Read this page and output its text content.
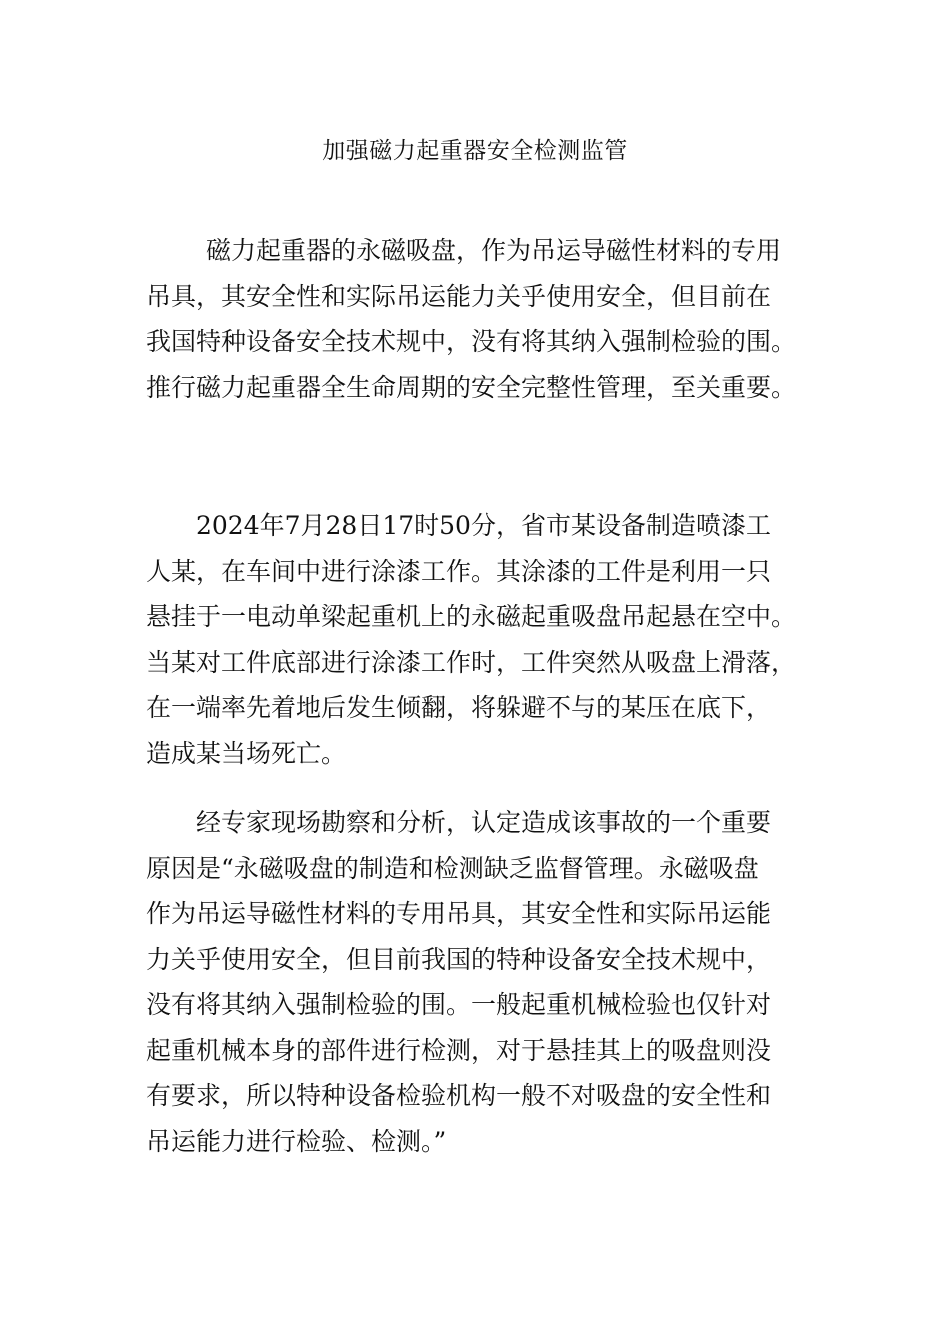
加强磁力起重器安全检测监管
磁力起重器的永磁吸盘，作为吊运导磁性材料的专用
吊具，其安全性和实际吊运能力关乎使用安全，但目前在
我国特种设备安全技术规中，没有将其纳入强制检验的围。
推行磁力起重器全生命周期的安全完整性管理，至关重要。
2024年7月28日17时50分，省市某设备制造喷漆工
人某，在车间中进行涂漆工作。其涂漆的工件是利用一只
悬挂于一电动单梁起重机上的永磁起重吸盘吊起悬在空中。
当某对工件底部进行涂漆工作时，工件突然从吸盘上滑落，
在一端率先着地后发生倾翻，将躲避不与的某压在底下，
造成某当场死亡。
经专家现场勘察和分析，认定造成该事故的一个重要
原因是“永磁吸盘的制造和检测缺乏监督管理。永磁吸盘
作为吊运导磁性材料的专用吊具，其安全性和实际吊运能
力关乎使用安全，但目前我国的特种设备安全技术规中，
没有将其纳入强制检验的围。一般起重机械检验也仅针对
起重机械本身的部件进行检测，对于悬挂其上的吸盘则没
有要求，所以特种设备检验机构一般不对吸盘的安全性和
吊运能力进行检验、检测。”
